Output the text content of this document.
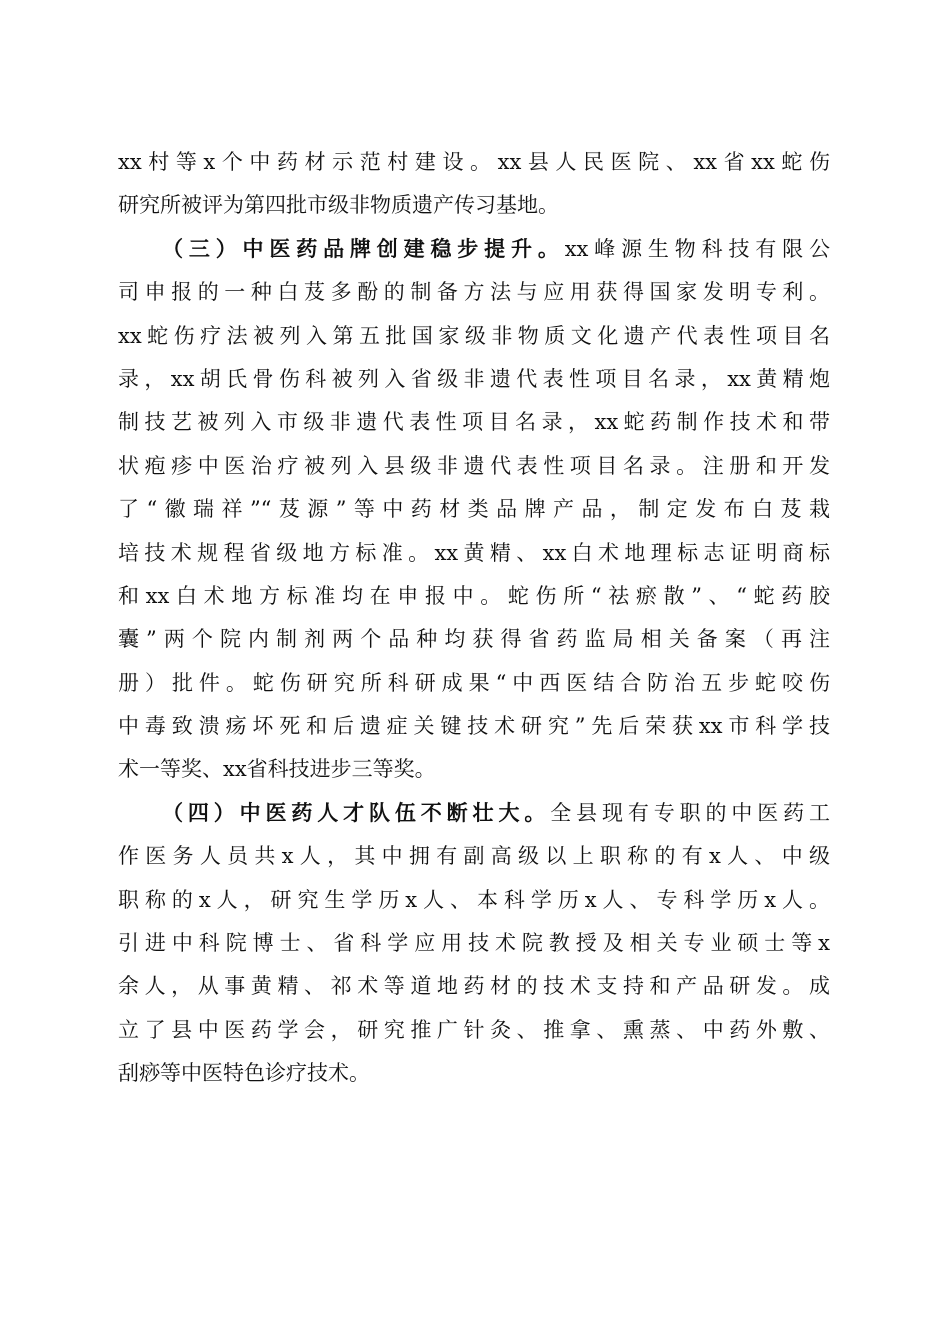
xx村等x个中药材示范村建设。xx县人民医院、xx省xx蛇伤
研究所被评为第四批市级非物质遗产传习基地。
（三）中医药品牌创建稳步提升。xx峰源生物科技有限公
司申报的一种白芨多酚的制备方法与应用获得国家发明专利。
xx蛇伤疗法被列入第五批国家级非物质文化遗产代表性项目名
录，xx胡氏骨伤科被列入省级非遗代表性项目名录，xx黄精炮
制技艺被列入市级非遗代表性项目名录，xx蛇药制作技术和带
状疱疹中医治疗被列入县级非遗代表性项目名录。注册和开发
了“徽瑞祥”“芨源”等中药材类品牌产品，制定发布白芨栽
培技术规程省级地方标准。xx黄精、xx白术地理标志证明商标
和xx白术地方标准均在申报中。蛇伤所“祛瘀散”、“蛇药胶
囊”两个院内制剂两个品种均获得省药监局相关备案（再注
册）批件。蛇伤研究所科研成果“中西医结合防治五步蛇咬伤
中毒致溃疡坏死和后遗症关键技术研究”先后荣获xx市科学技
术一等奖、xx省科技进步三等奖。
（四）中医药人才队伍不断壮大。全县现有专职的中医药工
作医务人员共x人，其中拥有副高级以上职称的有x人、中级
职称的x人，研究生学历x人、本科学历x人、专科学历x人。
引进中科院博士、省科学应用技术院教授及相关专业硕士等x
余人，从事黄精、祁术等道地药材的技术支持和产品研发。成
立了县中医药学会，研究推广针灸、推拿、熏蒸、中药外敷、
刮痧等中医特色诊疗技术。
